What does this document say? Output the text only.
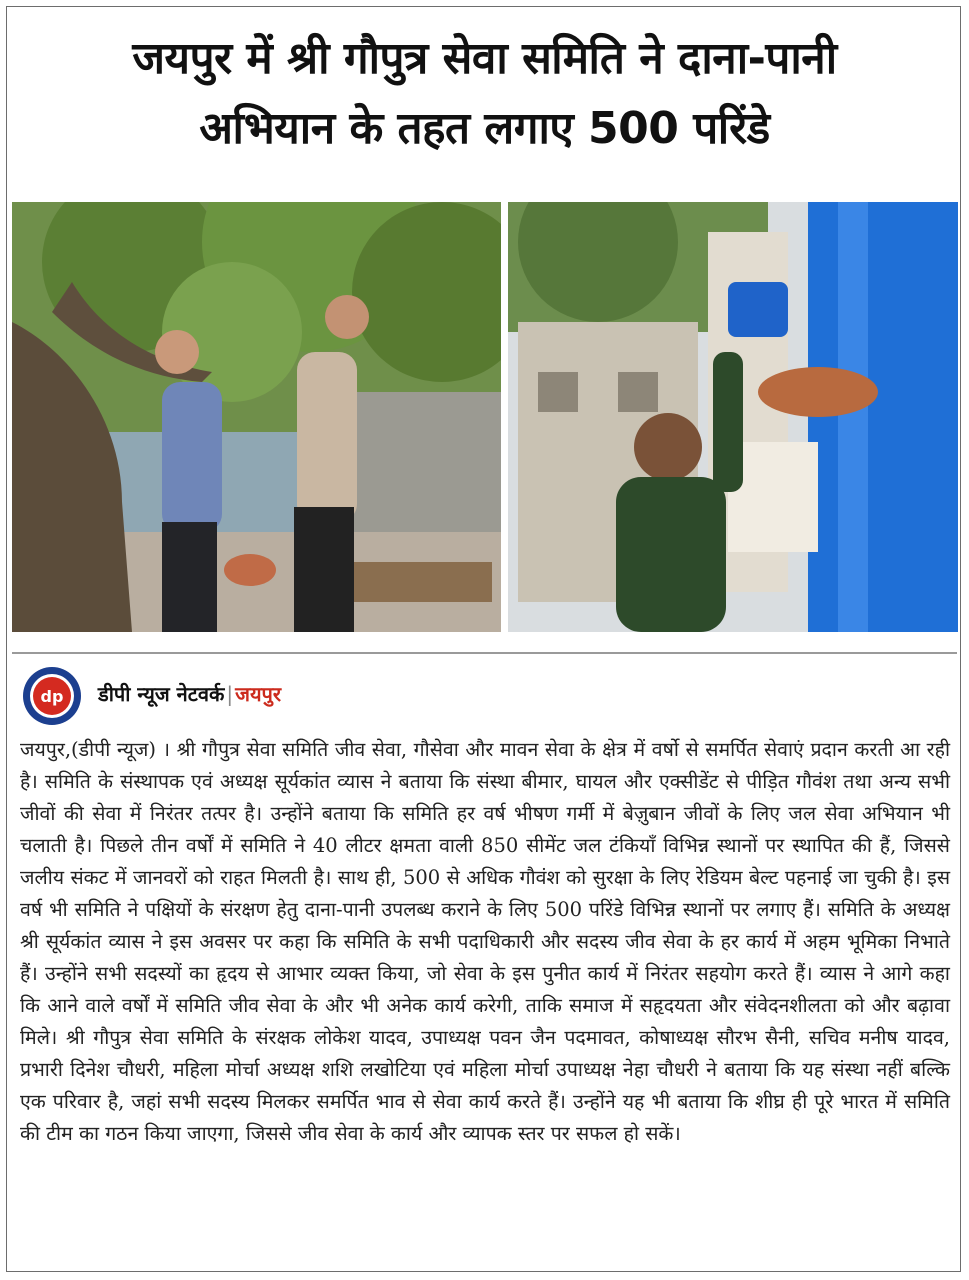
जयपुर में श्री गौपुत्र सेवा समिति ने दाना-पानी
अभियान के तहत लगाए 500 परिंडे
dp डीपी न्यूज नेटवर्क | जयपुर

जयपुर,(डीपी न्यूज) । श्री गौपुत्र सेवा समिति जीव सेवा, गौसेवा और मावन सेवा के क्षेत्र में वर्षो से समर्पित सेवाएं प्रदान करती आ रही है। समिति के संस्थापक एवं अध्यक्ष सूर्यकांत व्यास ने बताया कि संस्था बीमार, घायल और एक्सीडेंट से पीड़ित गौवंश तथा अन्य सभी जीवों की सेवा में निरंतर तत्पर है। उन्होंने बताया कि समिति हर वर्ष भीषण गर्मी में बेज़ुबान जीवों के लिए जल सेवा अभियान भी चलाती है। पिछले तीन वर्षों में समिति ने 40 लीटर क्षमता वाली 850 सीमेंट जल टंकियाँ विभिन्न स्थानों पर स्थापित की हैं, जिससे जलीय संकट में जानवरों को राहत मिलती है। साथ ही, 500 से अधिक गौवंश को सुरक्षा के लिए रेडियम बेल्ट पहनाई जा चुकी है। इस वर्ष भी समिति ने पक्षियों के संरक्षण हेतु दाना-पानी उपलब्ध कराने के लिए 500 परिंडे विभिन्न स्थानों पर लगाए हैं। समिति के अध्यक्ष श्री सूर्यकांत व्यास ने इस अवसर पर कहा कि समिति के सभी पदाधिकारी और सदस्य जीव सेवा के हर कार्य में अहम भूमिका निभाते हैं। उन्होंने सभी सदस्यों का हृदय से आभार व्यक्त किया, जो सेवा के इस पुनीत कार्य में निरंतर सहयोग करते हैं। व्यास ने आगे कहा कि आने वाले वर्षों में समिति जीव सेवा के और भी अनेक कार्य करेगी, ताकि समाज में सहृदयता और संवेदनशीलता को और बढ़ावा मिले। श्री गौपुत्र सेवा समिति के संरक्षक लोकेश यादव, उपाध्यक्ष पवन जैन पदमावत, कोषाध्यक्ष सौरभ सैनी, सचिव मनीष यादव, प्रभारी दिनेश चौधरी, महिला मोर्चा अध्यक्ष शशि लखोटिया एवं महिला मोर्चा उपाध्यक्ष नेहा चौधरी ने बताया कि यह संस्था नहीं बल्कि एक परिवार है, जहां सभी सदस्य मिलकर समर्पित भाव से सेवा कार्य करते हैं। उन्होंने यह भी बताया कि शीघ्र ही पूरे भारत में समिति की टीम का गठन किया जाएगा, जिससे जीव सेवा के कार्य और व्यापक स्तर पर सफल हो सकें।
